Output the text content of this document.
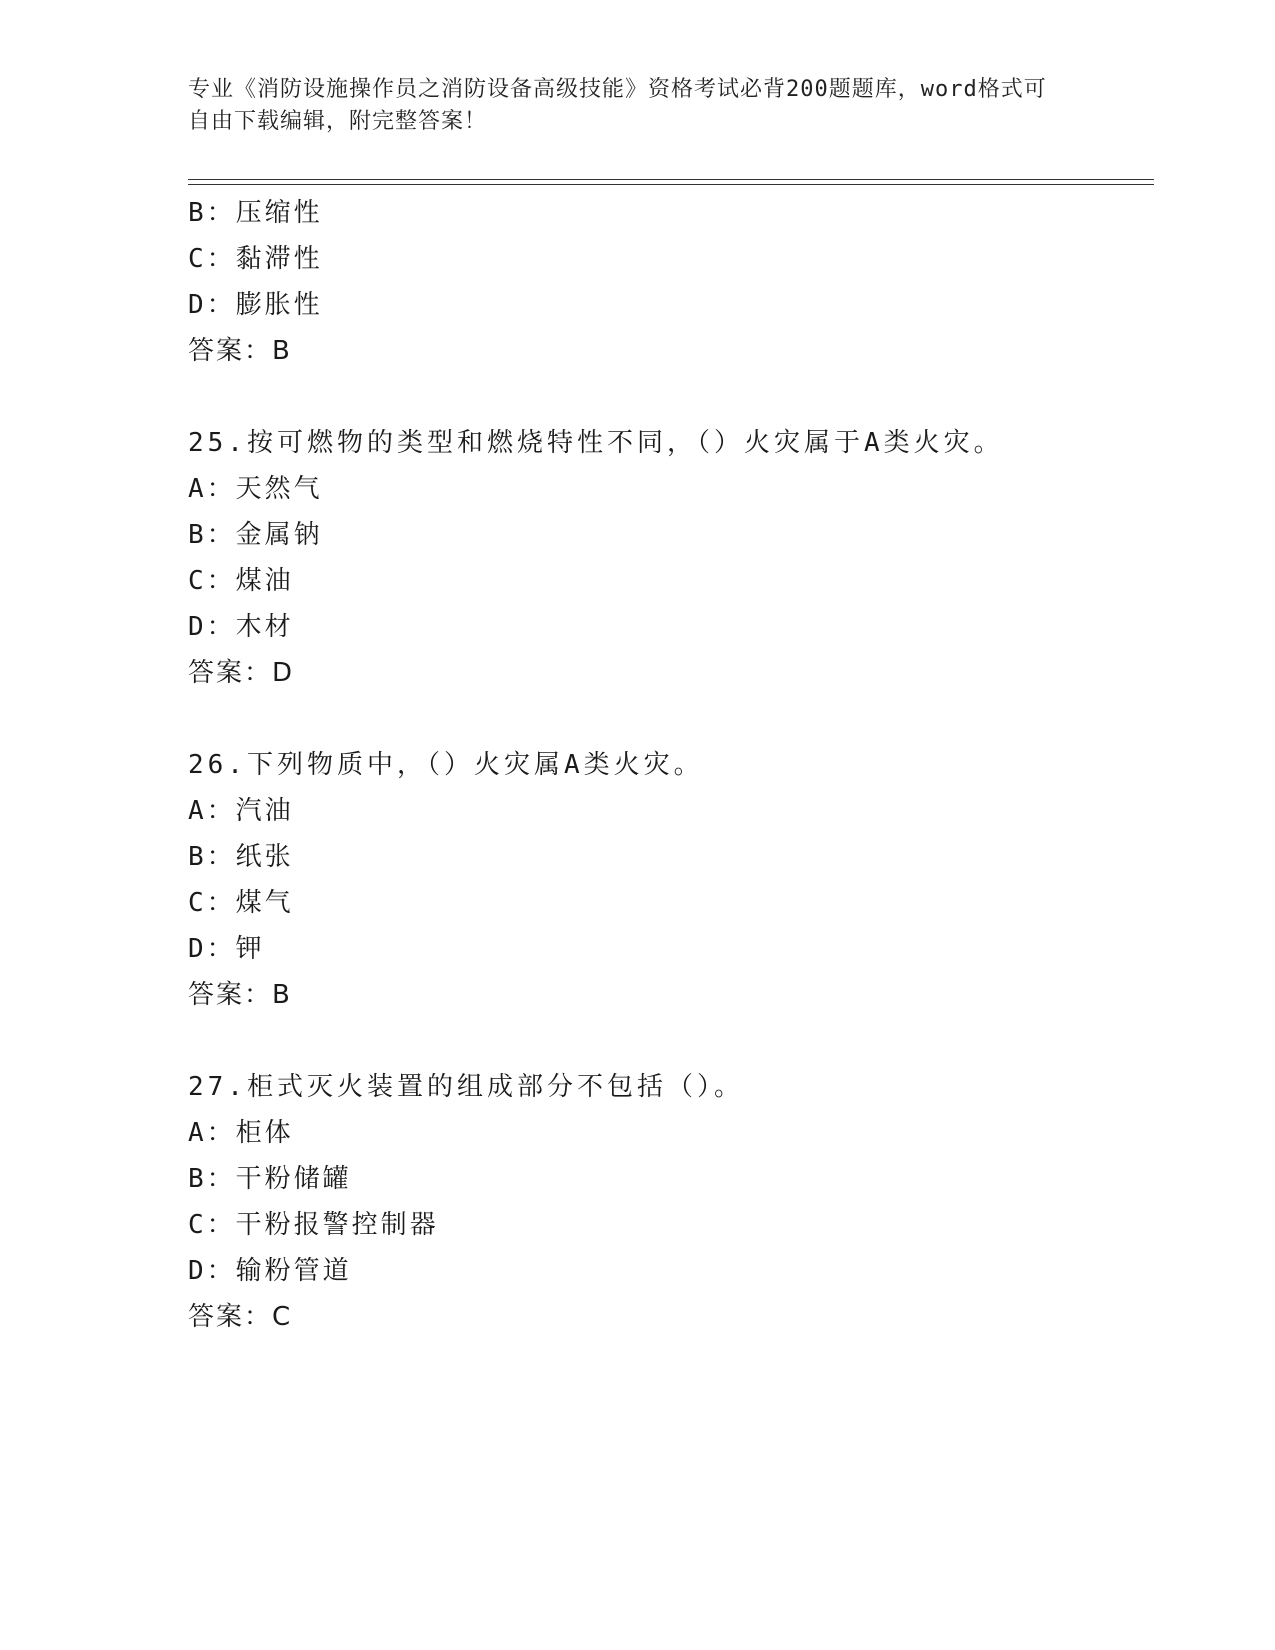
专业《消防设施操作员之消防设备高级技能》资格考试必背200题题库，word格式可自由下载编辑，附完整答案！
B：压缩性
C：黏滞性
D：膨胀性
答案：B
25.按可燃物的类型和燃烧特性不同，（）火灾属于A类火灾。
A：天然气
B：金属钠
C：煤油
D：木材
答案：D
26.下列物质中，（）火灾属A类火灾。
A：汽油
B：纸张
C：煤气
D：钾
答案：B
27.柜式灭火装置的组成部分不包括（）。
A：柜体
B：干粉储罐
C：干粉报警控制器
D：输粉管道
答案：C
